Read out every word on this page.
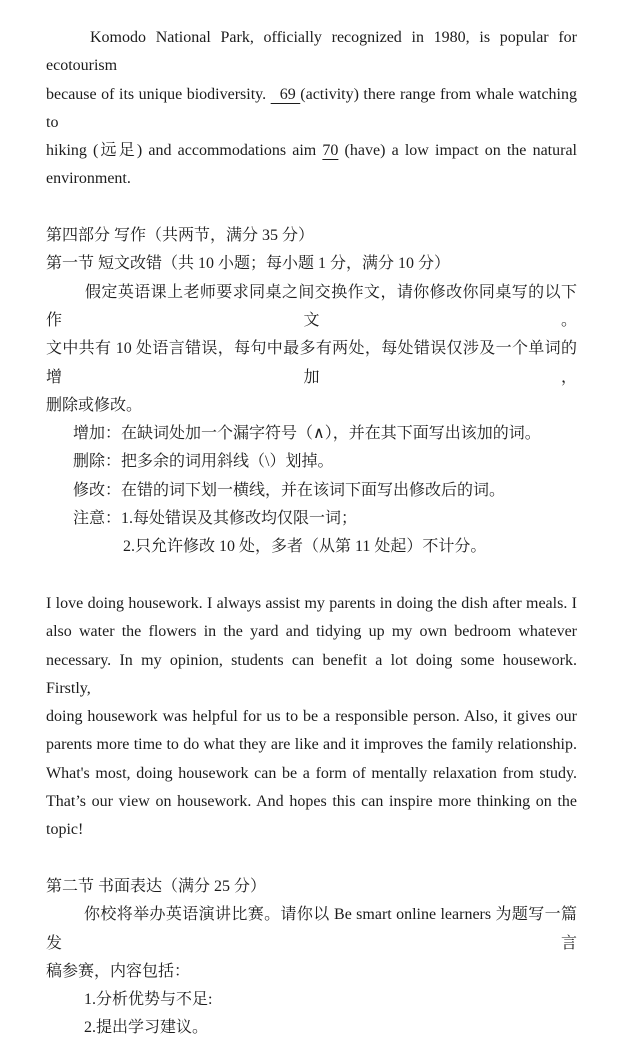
Komodo National Park, officially recognized in 1980, is popular for ecotourism
because of its unique biodiversity.   69 (activity) there range from whale watching to
hiking (远足) and accommodations aim 70 (have) a low impact on the natural
environment.
第四部分 写作（共两节，满分 35 分）
第一节 短文改错（共 10 小题；每小题 1 分，满分 10 分）
假定英语课上老师要求同桌之间交换作文，请你修改你同桌写的以下作文。
文中共有 10 处语言错误，每句中最多有两处，每处错误仅涉及一个单词的增加，
删除或修改。
增加：在缺词处加一个漏字符号（∧），并在其下面写出该加的词。
删除：把多余的词用斜线（\）划掉。
修改：在错的词下划一横线，并在该词下面写出修改后的词。
注意：1.每处错误及其修改均仅限一词；
2.只允许修改 10 处，多者（从第 11 处起）不计分。
I love doing housework. I always assist my parents in doing the dish after meals. I
also water the flowers in the yard and tidying up my own bedroom whatever
necessary. In my opinion, students can benefit a lot doing some housework. Firstly,
doing housework was helpful for us to be a responsible person. Also, it gives our
parents more time to do what they are like and it improves the family relationship.
What's most, doing housework can be a form of mentally relaxation from study.
That’s our view on housework. And hopes this can inspire more thinking on the topic!
第二节 书面表达（满分 25 分）
你校将举办英语演讲比赛。请你以 Be smart online learners 为题写一篇发言
稿参赛，内容包括：
1.分析优势与不足:
2.提出学习建议。
